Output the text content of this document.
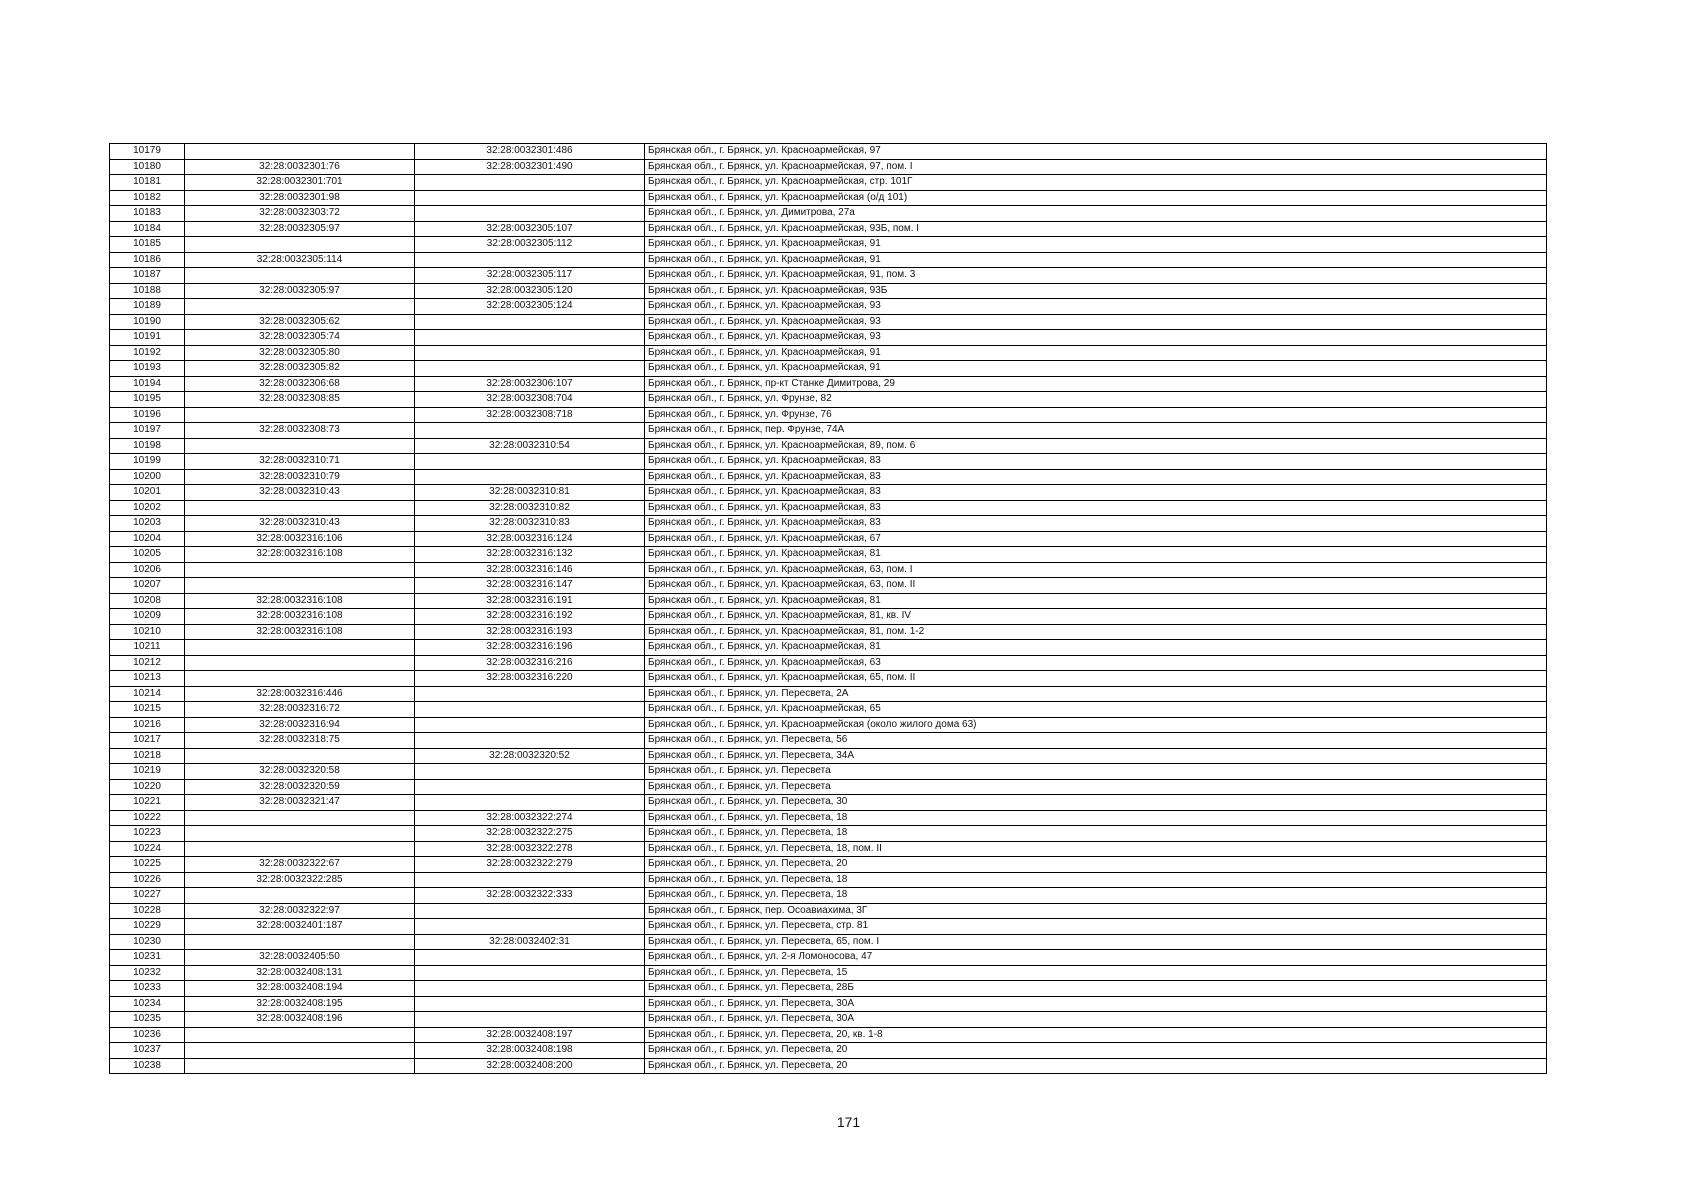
10179		32:28:0032301:486	Брянская обл., г. Брянск, ул. Красноармейская, 97
10180	32:28:0032301:76	32:28:0032301:490	Брянская обл., г. Брянск, ул. Красноармейская, 97, пом. I
10181	32:28:0032301:701		Брянская обл., г. Брянск, ул. Красноармейская, стр. 101Г
10182	32:28:0032301:98		Брянская обл., г. Брянск, ул. Красноармейская (о/д 101)
10183	32:28:0032303:72		Брянская обл., г. Брянск, ул. Димитрова, 27а
10184	32:28:0032305:97	32:28:0032305:107	Брянская обл., г. Брянск, ул. Красноармейская, 93Б, пом. I
10185		32:28:0032305:112	Брянская обл., г. Брянск, ул. Красноармейская, 91
10186	32:28:0032305:114		Брянская обл., г. Брянск, ул. Красноармейская, 91
10187		32:28:0032305:117	Брянская обл., г. Брянск, ул. Красноармейская, 91, пом. 3
10188	32:28:0032305:97	32:28:0032305:120	Брянская обл., г. Брянск, ул. Красноармейская, 93Б
10189		32:28:0032305:124	Брянская обл., г. Брянск, ул. Красноармейская, 93
10190	32:28:0032305:62		Брянская обл., г. Брянск, ул. Красноармейская, 93
10191	32:28:0032305:74		Брянская обл., г. Брянск, ул. Красноармейская, 93
10192	32:28:0032305:80		Брянская обл., г. Брянск, ул. Красноармейская, 91
10193	32:28:0032305:82		Брянская обл., г. Брянск, ул. Красноармейская, 91
10194	32:28:0032306:68	32:28:0032306:107	Брянская обл., г. Брянск, пр-кт Станке Димитрова, 29
10195	32:28:0032308:85	32:28:0032308:704	Брянская обл., г. Брянск, ул. Фрунзе, 82
10196		32:28:0032308:718	Брянская обл., г. Брянск, ул. Фрунзе, 76
10197	32:28:0032308:73		Брянская обл., г. Брянск, пер. Фрунзе, 74А
10198		32:28:0032310:54	Брянская обл., г. Брянск, ул. Красноармейская, 89, пом. 6
10199	32:28:0032310:71		Брянская обл., г. Брянск, ул. Красноармейская, 83
10200	32:28:0032310:79		Брянская обл., г. Брянск, ул. Красноармейская, 83
10201	32:28:0032310:43	32:28:0032310:81	Брянская обл., г. Брянск, ул. Красноармейская, 83
10202		32:28:0032310:82	Брянская обл., г. Брянск, ул. Красноармейская, 83
10203	32:28:0032310:43	32:28:0032310:83	Брянская обл., г. Брянск, ул. Красноармейская, 83
10204	32:28:0032316:106	32:28:0032316:124	Брянская обл., г. Брянск, ул. Красноармейская, 67
10205	32:28:0032316:108	32:28:0032316:132	Брянская обл., г. Брянск, ул. Красноармейская, 81
10206		32:28:0032316:146	Брянская обл., г. Брянск, ул. Красноармейская, 63, пом. I
10207		32:28:0032316:147	Брянская обл., г. Брянск, ул. Красноармейская, 63, пом. II
10208	32:28:0032316:108	32:28:0032316:191	Брянская обл., г. Брянск, ул. Красноармейская, 81
10209	32:28:0032316:108	32:28:0032316:192	Брянская обл., г. Брянск, ул. Красноармейская, 81, кв. IV
10210	32:28:0032316:108	32:28:0032316:193	Брянская обл., г. Брянск, ул. Красноармейская, 81, пом. 1-2
10211		32:28:0032316:196	Брянская обл., г. Брянск, ул. Красноармейская, 81
10212		32:28:0032316:216	Брянская обл., г. Брянск, ул. Красноармейская, 63
10213		32:28:0032316:220	Брянская обл., г. Брянск, ул. Красноармейская, 65, пом. II
10214	32:28:0032316:446		Брянская обл., г. Брянск, ул. Пересвета, 2А
10215	32:28:0032316:72		Брянская обл., г. Брянск, ул. Красноармейская, 65
10216	32:28:0032316:94		Брянская обл., г. Брянск, ул. Красноармейская (около жилого дома 63)
10217	32:28:0032318:75		Брянская обл., г. Брянск, ул. Пересвета, 56
10218		32:28:0032320:52	Брянская обл., г. Брянск, ул. Пересвета, 34А
10219	32:28:0032320:58		Брянская обл., г. Брянск, ул. Пересвета
10220	32:28:0032320:59		Брянская обл., г. Брянск, ул. Пересвета
10221	32:28:0032321:47		Брянская обл., г. Брянск, ул. Пересвета, 30
10222		32:28:0032322:274	Брянская обл., г. Брянск, ул. Пересвета, 18
10223		32:28:0032322:275	Брянская обл., г. Брянск, ул. Пересвета, 18
10224		32:28:0032322:278	Брянская обл., г. Брянск, ул. Пересвета, 18, пом. II
10225	32:28:0032322:67	32:28:0032322:279	Брянская обл., г. Брянск, ул. Пересвета, 20
10226	32:28:0032322:285		Брянская обл., г. Брянск, ул. Пересвета, 18
10227		32:28:0032322:333	Брянская обл., г. Брянск, ул. Пересвета, 18
10228	32:28:0032322:97		Брянская обл., г. Брянск, пер. Осоавиахима, 3Г
10229	32:28:0032401:187		Брянская обл., г. Брянск, ул. Пересвета, стр. 81
10230		32:28:0032402:31	Брянская обл., г. Брянск, ул. Пересвета, 65, пом. I
10231	32:28:0032405:50		Брянская обл., г. Брянск, ул. 2-я Ломоносова, 47
10232	32:28:0032408:131		Брянская обл., г. Брянск, ул. Пересвета, 15
10233	32:28:0032408:194		Брянская обл., г. Брянск, ул. Пересвета, 28Б
10234	32:28:0032408:195		Брянская обл., г. Брянск, ул. Пересвета, 30А
10235	32:28:0032408:196		Брянская обл., г. Брянск, ул. Пересвета, 30А
10236		32:28:0032408:197	Брянская обл., г. Брянск, ул. Пересвета, 20, кв. 1-8
10237		32:28:0032408:198	Брянская обл., г. Брянск, ул. Пересвета, 20
10238		32:28:0032408:200	Брянская обл., г. Брянск, ул. Пересвета, 20
171
